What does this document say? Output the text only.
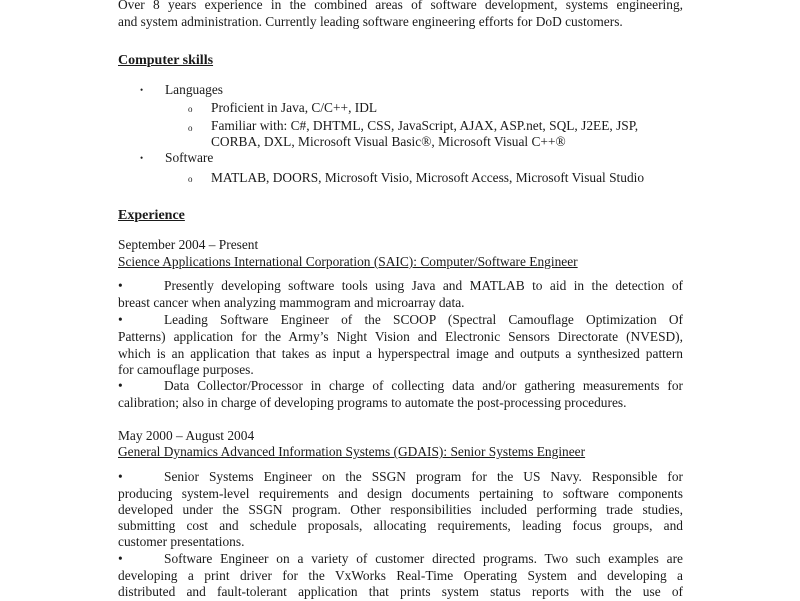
Over 8 years experience in the combined areas of software development, systems engineering,
and system administration. Currently leading software engineering efforts for DoD customers.
Computer skills
• Languages
o Proficient in Java, C/C++, IDL
o Familiar with: C#, DHTML, CSS, JavaScript, AJAX, ASP.net, SQL, J2EE, JSP,
CORBA, DXL, Microsoft Visual Basic®, Microsoft Visual C++®
• Software
o MATLAB, DOORS, Microsoft Visio, Microsoft Access, Microsoft Visual Studio
Experience
September 2004 – Present
Science Applications International Corporation (SAIC): Computer/Software Engineer
•	Presently developing software tools using Java and MATLAB to aid in the detection of
breast cancer when analyzing mammogram and microarray data.
•	Leading Software Engineer of the SCOOP (Spectral Camouflage Optimization Of
Patterns) application for the Army’s Night Vision and Electronic Sensors Directorate (NVESD),
which is an application that takes as input a hyperspectral image and outputs a synthesized pattern
for camouflage purposes.
•	Data Collector/Processor in charge of collecting data and/or gathering measurements for
calibration; also in charge of developing programs to automate the post-processing procedures.
May 2000 – August 2004
General Dynamics Advanced Information Systems (GDAIS): Senior Systems Engineer
•	Senior Systems Engineer on the SSGN program for the US Navy. Responsible for
producing system-level requirements and design documents pertaining to software components
developed under the SSGN program. Other responsibilities included performing trade studies,
submitting cost and schedule proposals, allocating requirements, leading focus groups, and
customer presentations.
•	Software Engineer on a variety of customer directed programs. Two such examples are
developing a print driver for the VxWorks Real-Time Operating System and developing a
distributed and fault-tolerant application that prints system status reports with the use of
